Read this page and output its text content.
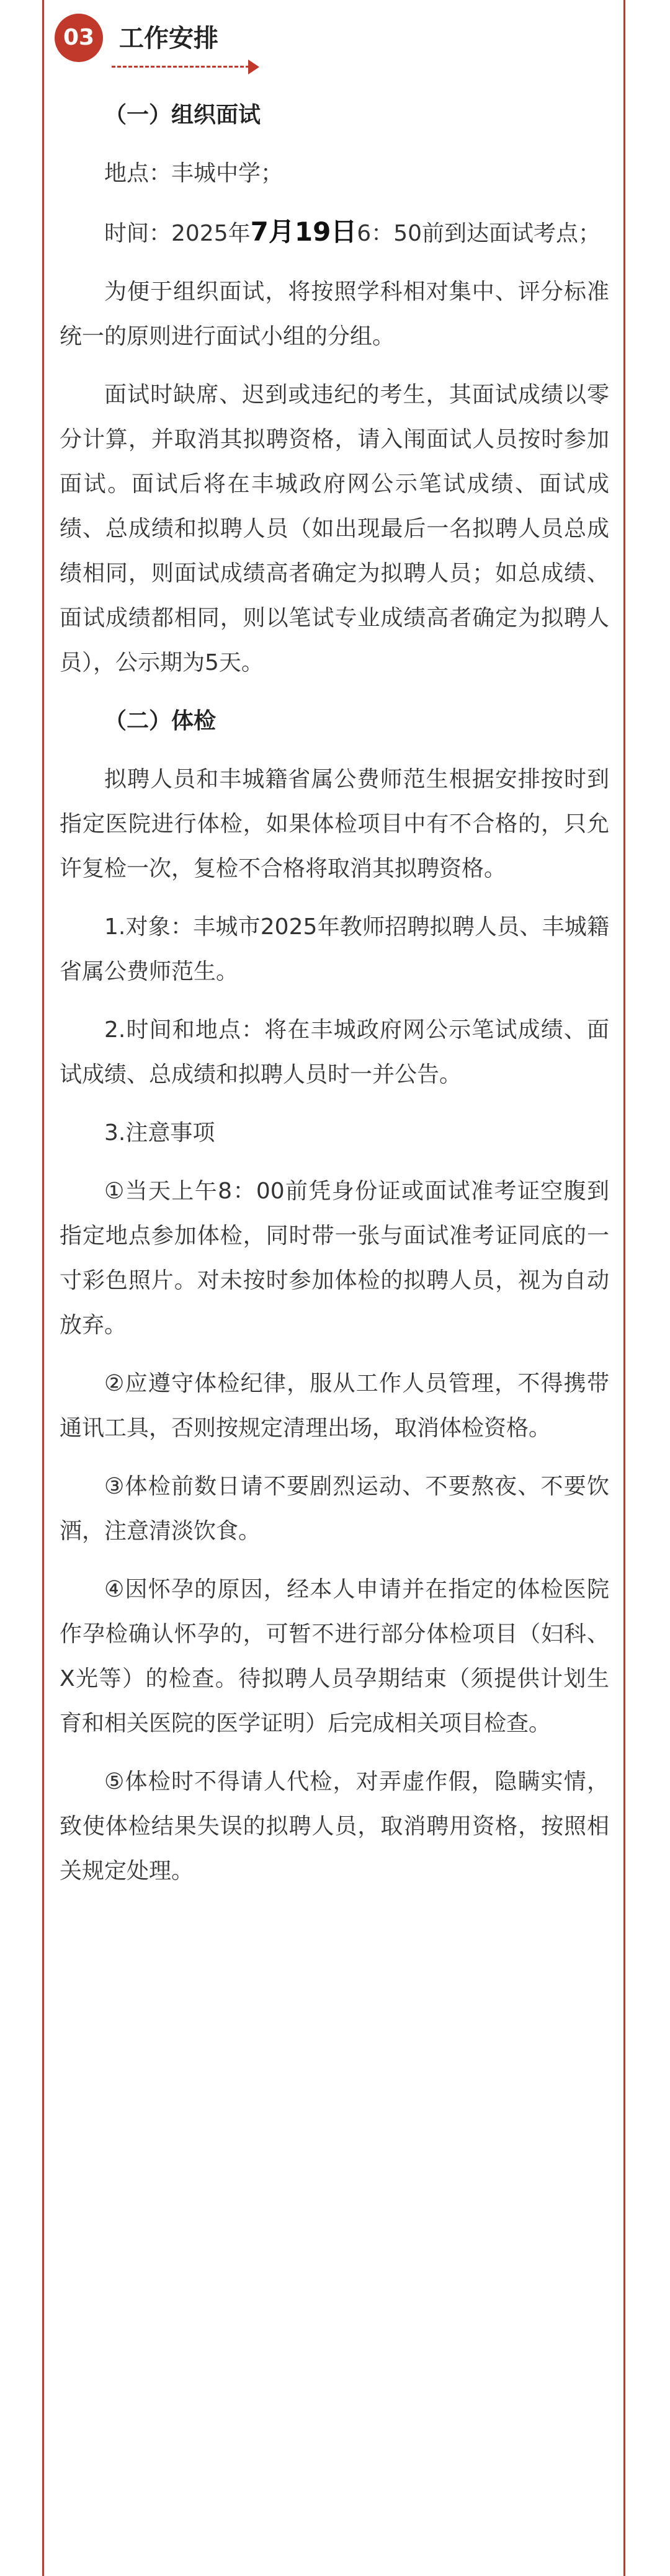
03 工作安排

（一）组织面试

地点：丰城中学；

时间：2025年7月19日6：50前到达面试考点；

为便于组织面试，将按照学科相对集中、评分标准统一的原则进行面试小组的分组。

面试时缺席、迟到或违纪的考生，其面试成绩以零分计算，并取消其拟聘资格，请入闱面试人员按时参加面试。面试后将在丰城政府网公示笔试成绩、面试成绩、总成绩和拟聘人员（如出现最后一名拟聘人员总成绩相同，则面试成绩高者确定为拟聘人员；如总成绩、面试成绩都相同，则以笔试专业成绩高者确定为拟聘人员），公示期为5天。

（二）体检

拟聘人员和丰城籍省属公费师范生根据安排按时到指定医院进行体检，如果体检项目中有不合格的，只允许复检一次，复检不合格将取消其拟聘资格。

1.对象：丰城市2025年教师招聘拟聘人员、丰城籍省属公费师范生。

2.时间和地点：将在丰城政府网公示笔试成绩、面试成绩、总成绩和拟聘人员时一并公告。

3.注意事项

①当天上午8：00前凭身份证或面试准考证空腹到指定地点参加体检，同时带一张与面试准考证同底的一寸彩色照片。对未按时参加体检的拟聘人员，视为自动放弃。

②应遵守体检纪律，服从工作人员管理，不得携带通讯工具，否则按规定清理出场，取消体检资格。

③体检前数日请不要剧烈运动、不要熬夜、不要饮酒，注意清淡饮食。

④因怀孕的原因，经本人申请并在指定的体检医院作孕检确认怀孕的，可暂不进行部分体检项目（妇科、X光等）的检查。待拟聘人员孕期结束（须提供计划生育和相关医院的医学证明）后完成相关项目检查。

⑤体检时不得请人代检，对弄虚作假，隐瞒实情，致使体检结果失误的拟聘人员，取消聘用资格，按照相关规定处理。
